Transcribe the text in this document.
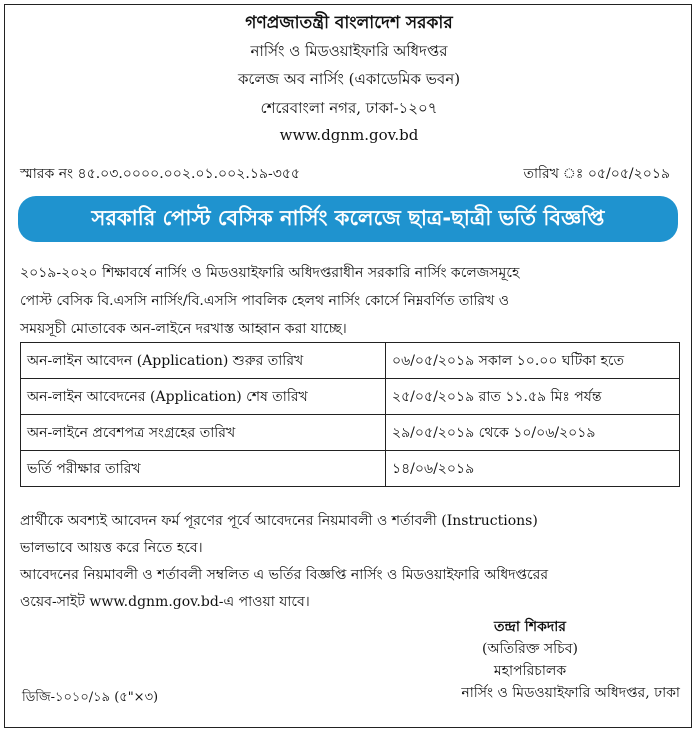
গণপ্রজাতন্ত্রী বাংলাদেশ সরকার
নার্সিং ও মিডওয়াইফারি অধিদপ্তর
কলেজ অব নার্সিং (একাডেমিক ভবন)
শেরেবাংলা নগর, ঢাকা-১২০৭
www.dgnm.gov.bd
স্মারক নং ৪৫.০৩.০০০০.০০২.০১.০০২.১৯-৩৫৫	তারিখ ঃ ০৫/০৫/২০১৯
সরকারি পোস্ট বেসিক নার্সিং কলেজে ছাত্র-ছাত্রী ভর্তি বিজ্ঞপ্তি
২০১৯-২০২০ শিক্ষাবর্ষে নার্সিং ও মিডওয়াইফারি অধিদপ্তরাধীন সরকারি নার্সিং কলেজসমূহে
পোস্ট বেসিক বি.এসসি নার্সিং/বি.এসসি পাবলিক হেলথ নার্সিং কোর্সে নিম্নবর্ণিত তারিখ ও
সময়সূচী মোতাবেক অন-লাইনে দরখাস্ত আহ্বান করা যাচ্ছে।
অন-লাইন আবেদন (Application) শুরুর তারিখ	০৬/০৫/২০১৯ সকাল ১০.০০ ঘটিকা হতে
অন-লাইন আবেদনের (Application) শেষ তারিখ	২৫/০৫/২০১৯ রাত ১১.৫৯ মিঃ পর্যন্ত
অন-লাইনে প্রবেশপত্র সংগ্রহের তারিখ	২৯/০৫/২০১৯ থেকে ১০/০৬/২০১৯
ভর্তি পরীক্ষার তারিখ	১৪/০৬/২০১৯
প্রার্থীকে অবশ্যই আবেদন ফর্ম পূরণের পূর্বে আবেদনের নিয়মাবলী ও শর্তাবলী (Instructions)
ভালভাবে আয়ত্ত করে নিতে হবে।
আবেদনের নিয়মাবলী ও শর্তাবলী সম্বলিত এ ভর্তির বিজ্ঞপ্তি নার্সিং ও মিডওয়াইফারি অধিদপ্তরের
ওয়েব-সাইট www.dgnm.gov.bd-এ পাওয়া যাবে।
তন্দ্রা শিকদার
(অতিরিক্ত সচিব)
মহাপরিচালক
নার্সিং ও মিডওয়াইফারি অধিদপ্তর, ঢাকা
ডিজি-১০১০/১৯ (৫"×৩)
